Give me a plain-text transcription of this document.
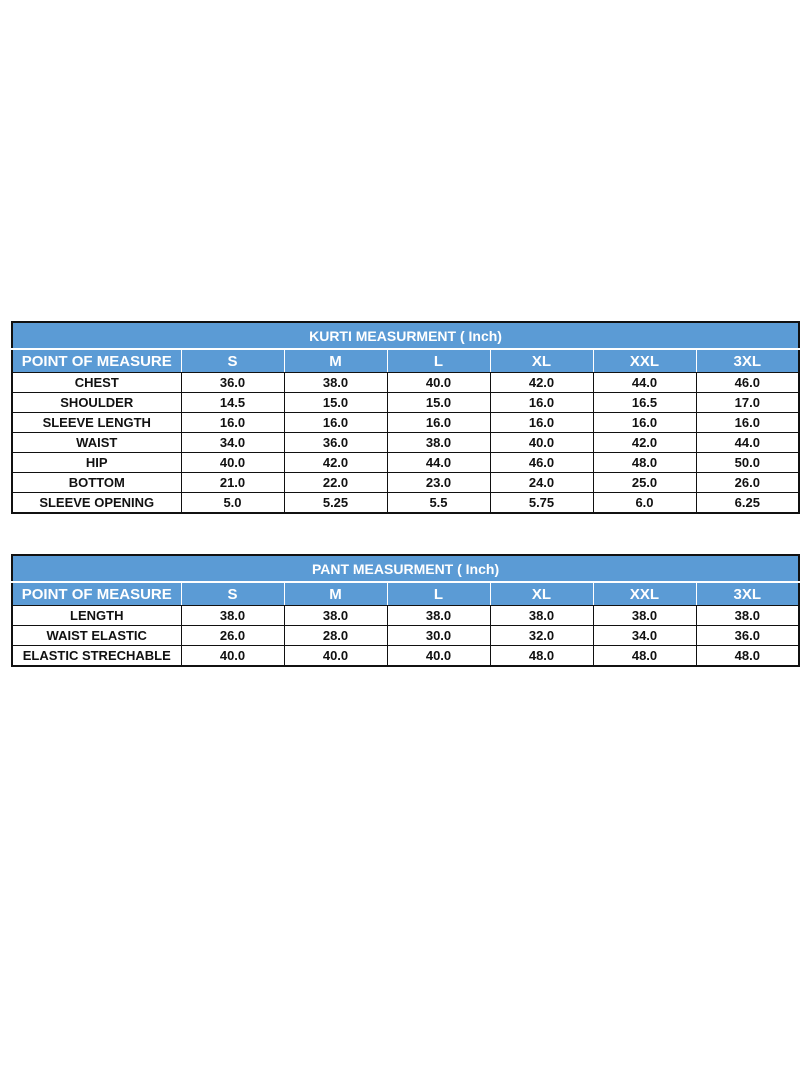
KURTI MEASURMENT ( Inch)						
POINT OF MEASURE	S	M	L	XL	XXL	3XL
CHEST	36.0	38.0	40.0	42.0	44.0	46.0
SHOULDER	14.5	15.0	15.0	16.0	16.5	17.0
SLEEVE LENGTH	16.0	16.0	16.0	16.0	16.0	16.0
WAIST	34.0	36.0	38.0	40.0	42.0	44.0
HIP	40.0	42.0	44.0	46.0	48.0	50.0
BOTTOM	21.0	22.0	23.0	24.0	25.0	26.0
SLEEVE OPENING	5.0	5.25	5.5	5.75	6.0	6.25
PANT MEASURMENT ( Inch)						
POINT OF MEASURE	S	M	L	XL	XXL	3XL
LENGTH	38.0	38.0	38.0	38.0	38.0	38.0
WAIST ELASTIC	26.0	28.0	30.0	32.0	34.0	36.0
ELASTIC STRECHABLE	40.0	40.0	40.0	48.0	48.0	48.0
